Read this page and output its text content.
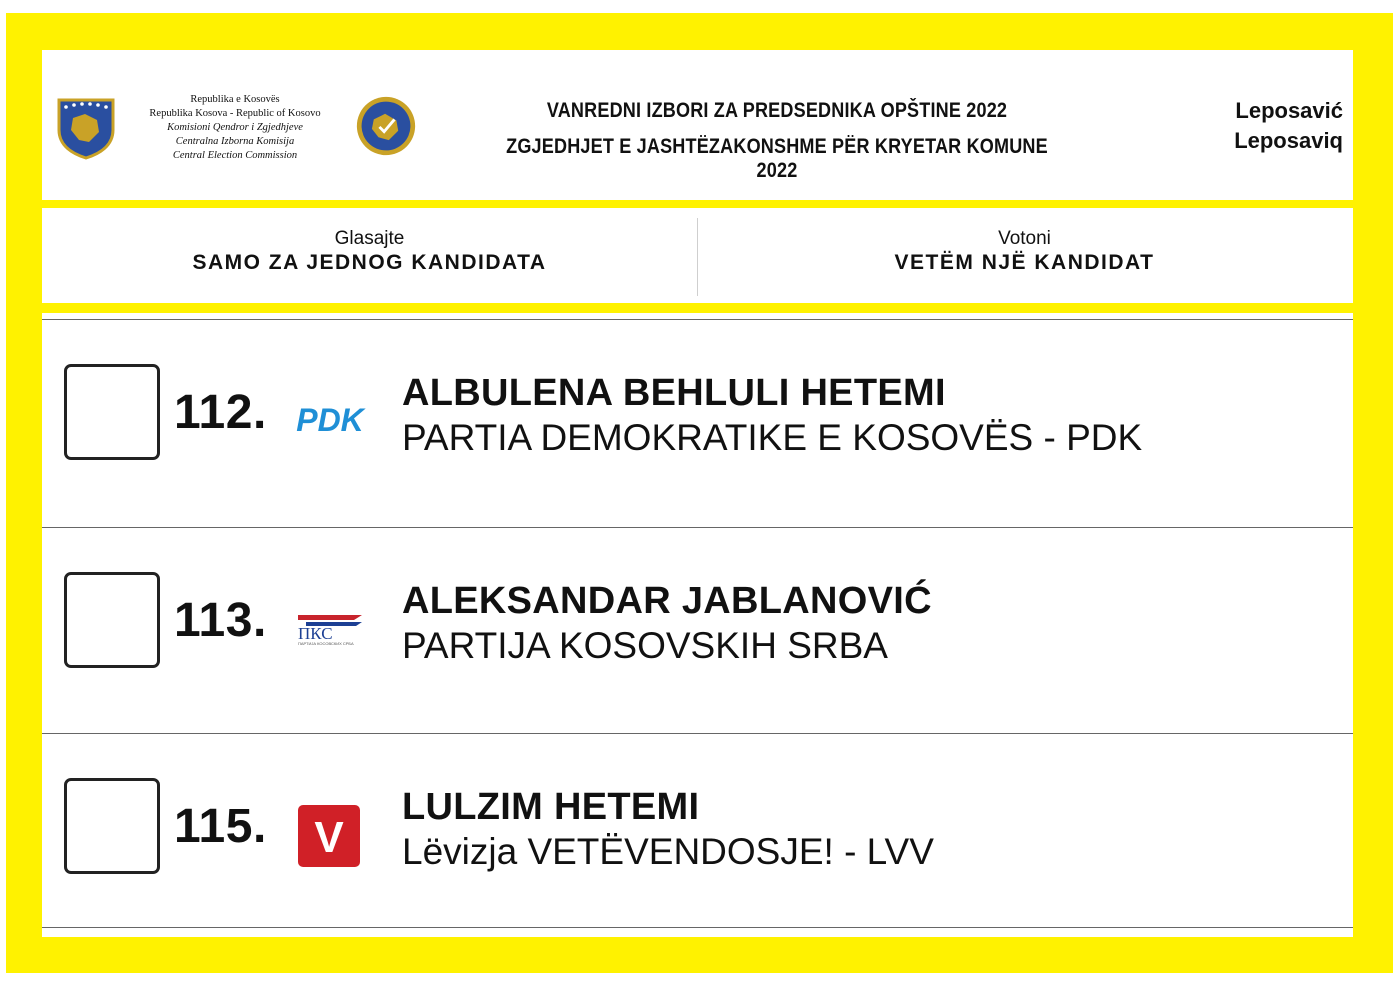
Republika e Kosovës
Republika Kosova - Republic of Kosovo
Komisioni Qendror i Zgjedhjeve
Centralna Izborna Komisija
Central Election Commission
VANREDNI IZBORI ZA PREDSEDNIKA OPŠTINE 2022
ZGJEDHJET E JASHTËZAKONSHME PËR KRYETAR KOMUNE 2022
Leposavić
Leposaviq
Glasajte
SAMO ZA JEDNOG KANDIDATA
Votoni
VETËM NJË KANDIDAT
112. PDK
ALBULENA BEHLULI HETEMI
PARTIA DEMOKRATIKE E KOSOVËS - PDK
113. ПКС
ПАРТИЈА КОСОВСКИХ СРБА
ALEKSANDAR JABLANOVIĆ
PARTIJA KOSOVSKIH SRBA
115. V
LULZIM HETEMI
Lëvizja VETËVENDOSJE! - LVV
